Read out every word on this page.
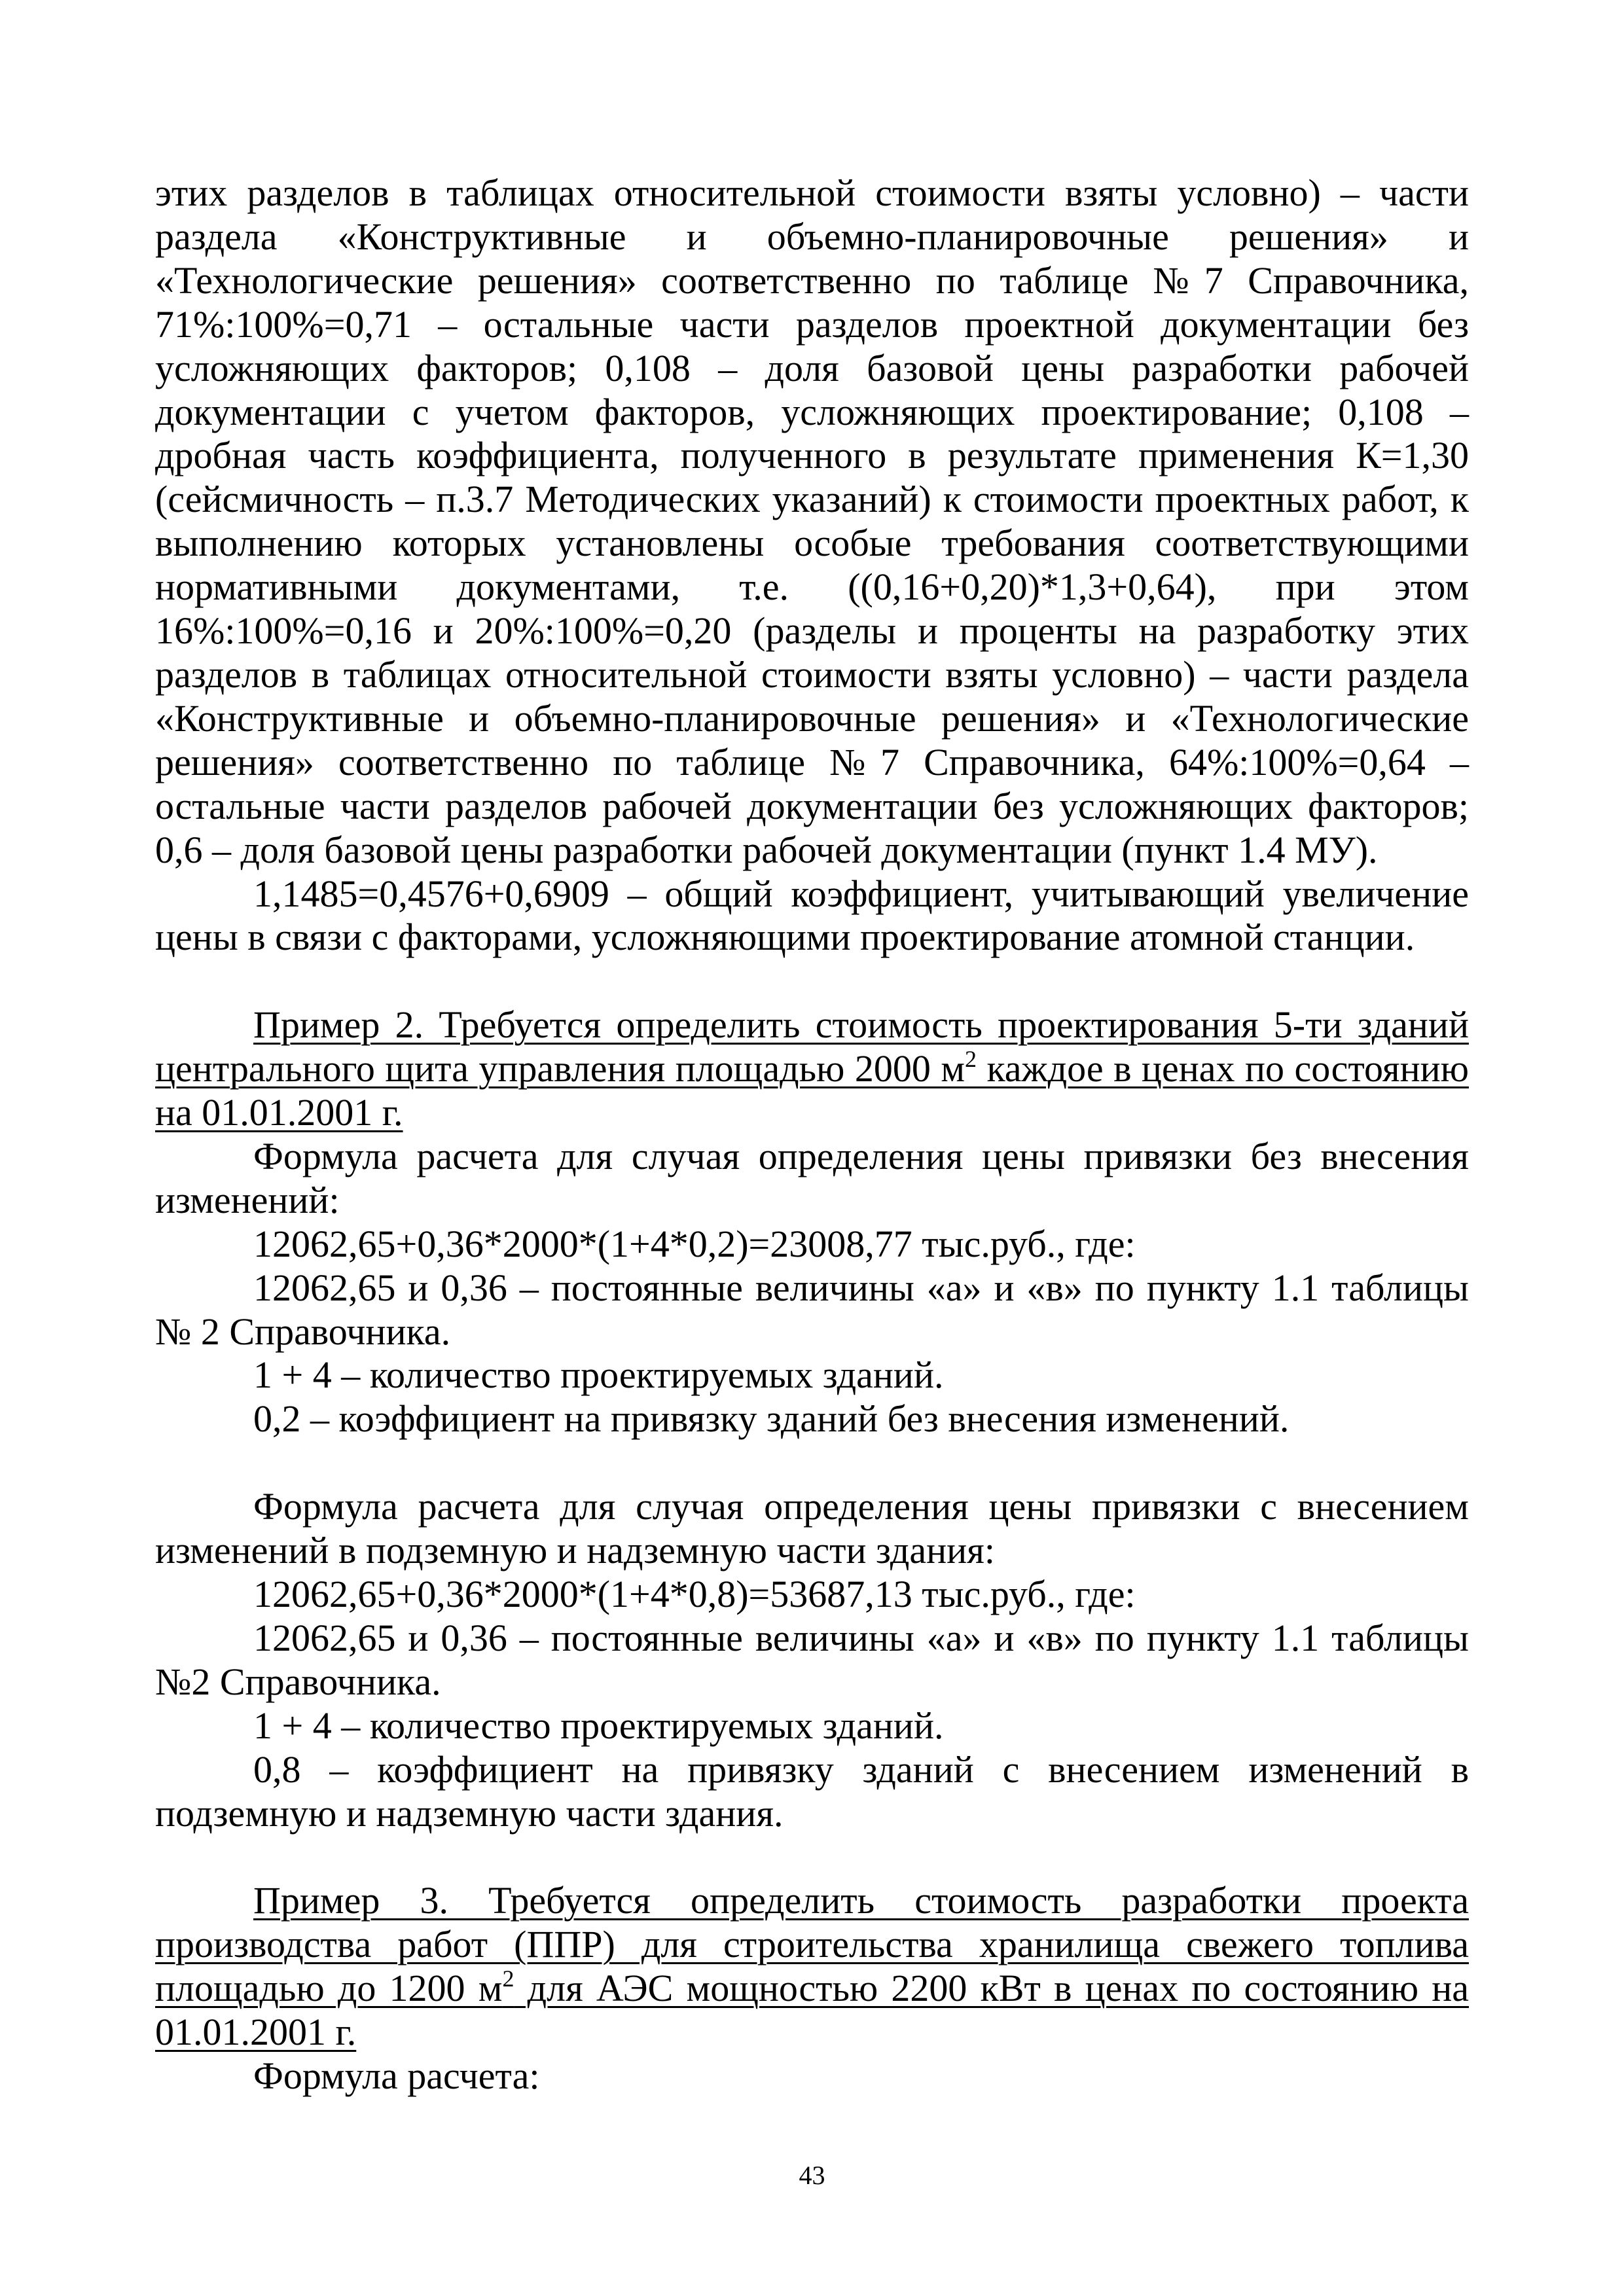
этих разделов в таблицах относительной стоимости взяты условно) – части раздела «Конструктивные и объемно-планировочные решения» и «Технологические решения» соответственно по таблице №7 Справочника, 71%:100%=0,71 – остальные части разделов проектной документации без усложняющих факторов; 0,108 – доля базовой цены разработки рабочей документации с учетом факторов, усложняющих проектирование; 0,108 – дробная часть коэффициента, полученного в результате применения К=1,30 (сейсмичность – п.3.7 Методических указаний) к стоимости проектных работ, к выполнению которых установлены особые требования соответствующими нормативными документами, т.е. ((0,16+0,20)*1,3+0,64), при этом 16%:100%=0,16 и 20%:100%=0,20 (разделы и проценты на разработку этих разделов в таблицах относительной стоимости взяты условно) – части раздела «Конструктивные и объемно-планировочные решения» и «Технологические решения» соответственно по таблице №7 Справочника, 64%:100%=0,64 – остальные части разделов рабочей документации без усложняющих факторов; 0,6 – доля базовой цены разработки рабочей документации (пункт 1.4 МУ).

1,1485=0,4576+0,6909 – общий коэффициент, учитывающий увеличение цены в связи с факторами, усложняющими проектирование атомной станции.

Пример 2. Требуется определить стоимость проектирования 5-ти зданий центрального щита управления площадью 2000 $м^2$ каждое в ценах по состоянию на 01.01.2001 г.

Формула расчета для случая определения цены привязки без внесения изменений:

12062,65+0,36*2000*(1+4*0,2)=23008,77 тыс.руб., где:

12062,65 и 0,36 – постоянные величины «а» и «в» по пункту 1.1 таблицы № 2 Справочника.

1 + 4 – количество проектируемых зданий.

0,2 – коэффициент на привязку зданий без внесения изменений.

Формула расчета для случая определения цены привязки с внесением изменений в подземную и надземную части здания:

12062,65+0,36*2000*(1+4*0,8)=53687,13 тыс.руб., где:

12062,65 и 0,36 – постоянные величины «а» и «в» по пункту 1.1 таблицы №2 Справочника.

1 + 4 – количество проектируемых зданий.

0,8 – коэффициент на привязку зданий с внесением изменений в подземную и надземную части здания.

Пример 3. Требуется определить стоимость разработки проекта производства работ (ППР) для строительства хранилища свежего топлива площадью до 1200 $м^2$ для АЭС мощностью 2200 кВт в ценах по состоянию на 01.01.2001 г.

Формула расчета:

43
